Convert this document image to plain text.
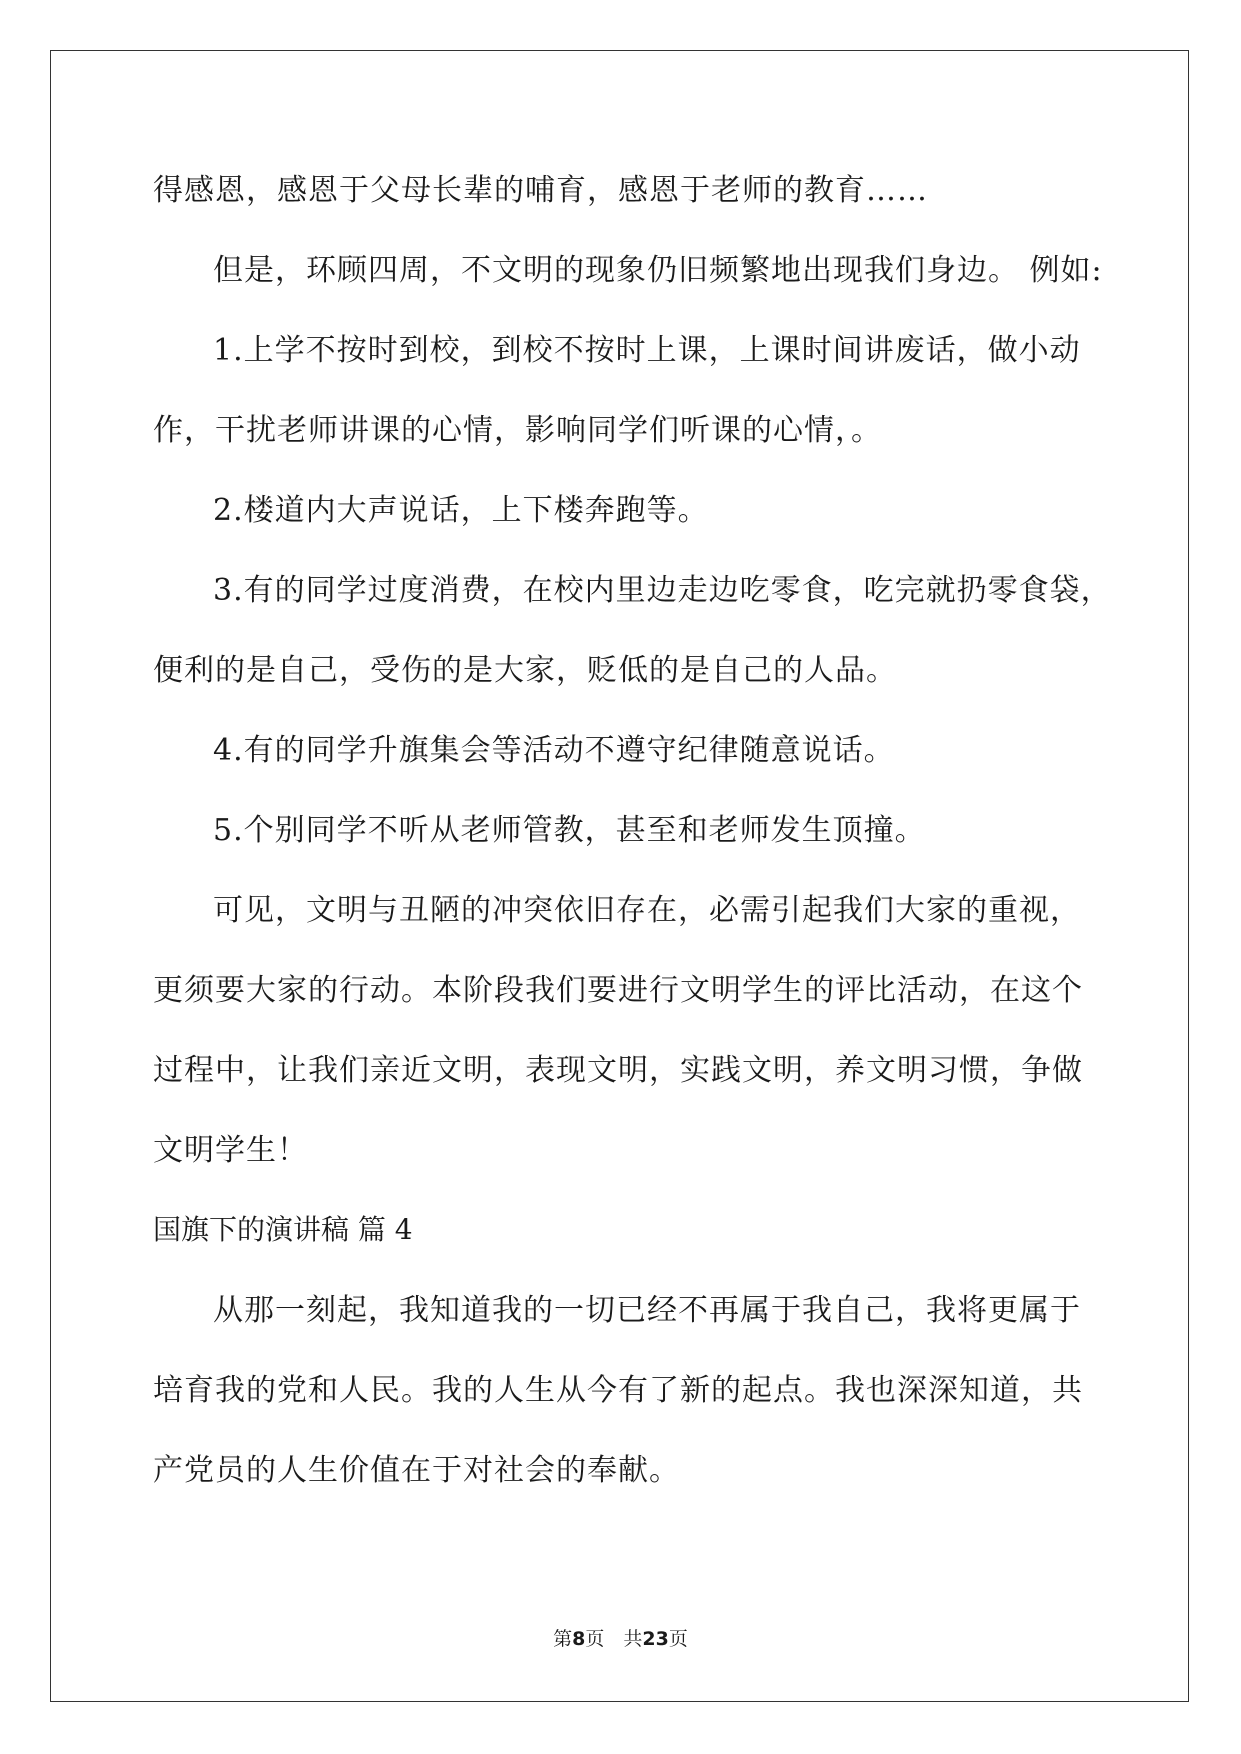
得感恩，感恩于父母长辈的哺育，感恩于老师的教育……
但是，环顾四周，不文明的现象仍旧频繁地出现我们身边。 例如:
1.上学不按时到校，到校不按时上课，上课时间讲废话，做小动
作，干扰老师讲课的心情，影响同学们听课的心情，。
2.楼道内大声说话，上下楼奔跑等。
3.有的同学过度消费，在校内里边走边吃零食，吃完就扔零食袋，
便利的是自己，受伤的是大家，贬低的是自己的人品。
4.有的同学升旗集会等活动不遵守纪律随意说话。
5.个别同学不听从老师管教，甚至和老师发生顶撞。
可见，文明与丑陋的冲突依旧存在，必需引起我们大家的重视，
更须要大家的行动。本阶段我们要进行文明学生的评比活动，在这个
过程中，让我们亲近文明，表现文明，实践文明，养文明习惯，争做
文明学生！
国旗下的演讲稿 篇 4
从那一刻起，我知道我的一切已经不再属于我自己，我将更属于
培育我的党和人民。我的人生从今有了新的起点。我也深深知道，共
产党员的人生价值在于对社会的奉献。
第8页　共23页
